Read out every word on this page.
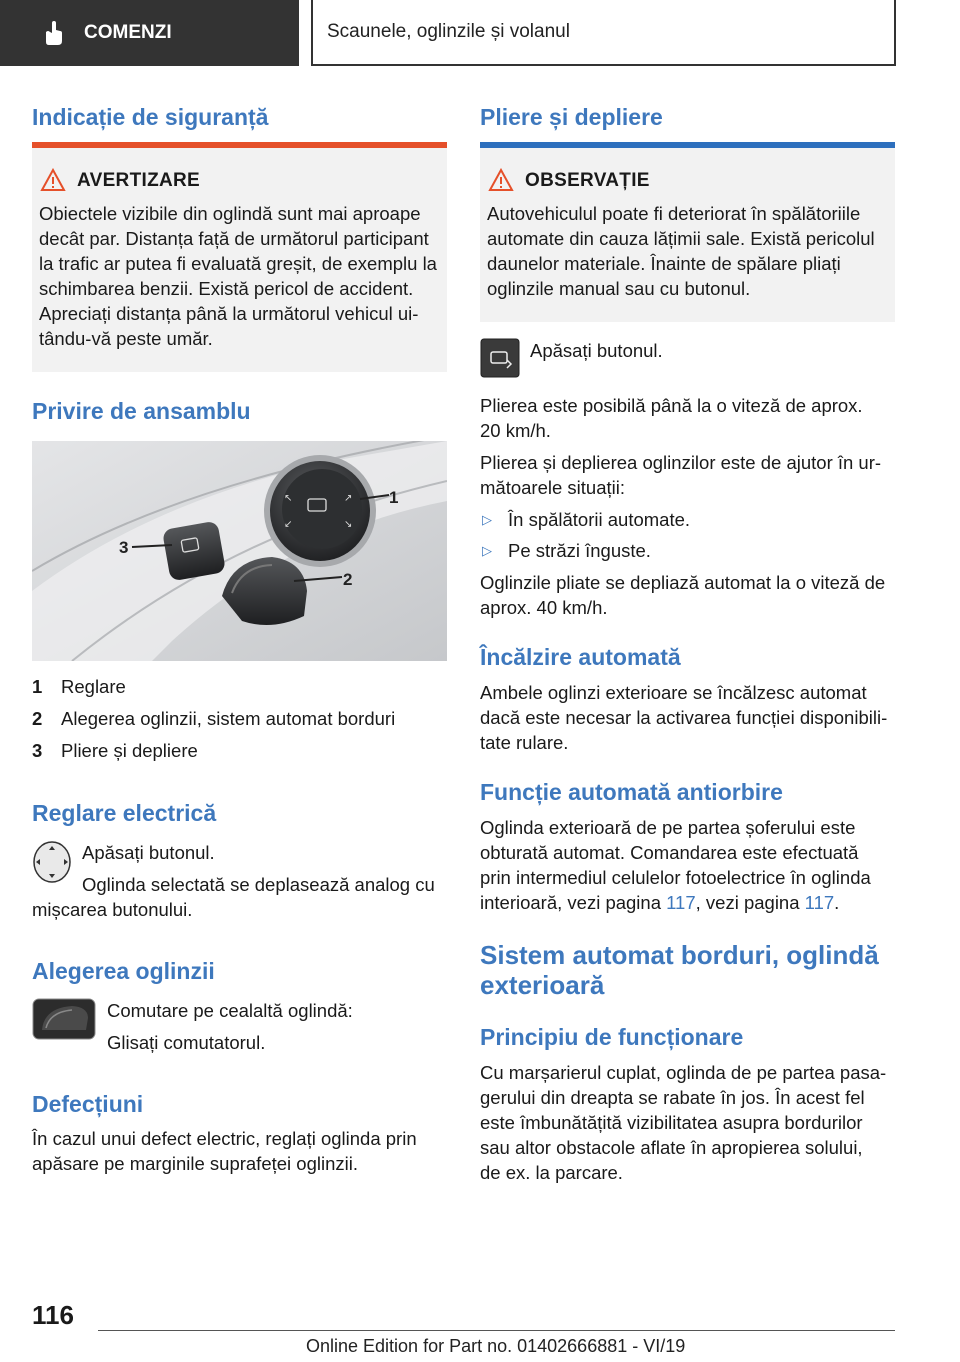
COMENZI	Scaunele, oglinzile și volanul
Indicație de siguranță
AVERTIZARE
Obiectele vizibile din oglindă sunt mai aproape
decât par. Distanța față de următorul participant
la trafic ar putea fi evaluată greșit, de exemplu la
schimbarea benzii. Există pericol de accident.
Apreciați distanța până la următorul vehicul ui-
tându-vă peste umăr.
Privire de ansamblu
↖	↗
↙	↘
1
2
3
1 Reglare
2 Alegerea oglinzii, sistem automat borduri
3 Pliere și depliere
Reglare electrică
Apăsați butonul.
Oglinda selectată se deplasează analog cu
mișcarea butonului.
Alegerea oglinzii
Comutare pe cealaltă oglindă:
Glisați comutatorul.
Defecțiuni
În cazul unui defect electric, reglați oglinda prin
apăsare pe marginile suprafeței oglinzii.
Pliere și depliere
OBSERVAȚIE
Autovehiculul poate fi deteriorat în spălătoriile
automate din cauza lățimii sale. Există pericolul
daunelor materiale. Înainte de spălare pliați
oglinzile manual sau cu butonul.
Apăsați butonul.
Plierea este posibilă până la o viteză de aprox.
20 km/h.
Plierea și deplierea oglinzilor este de ajutor în ur-
mătoarele situații:
▷ În spălătorii automate.
▷ Pe străzi înguste.
Oglinzile pliate se depliază automat la o viteză de
aprox. 40 km/h.
Încălzire automată
Ambele oglinzi exterioare se încălzesc automat
dacă este necesar la activarea funcției disponibili-
tate rulare.
Funcție automată antiorbire
Oglinda exterioară de pe partea șoferului este
obturată automat. Comandarea este efectuată
prin intermediul celulelor fotoelectrice în oglinda
interioară, vezi pagina 117, vezi pagina 117.
Sistem automat borduri, oglindă
exterioară
Principiu de funcționare
Cu marșarierul cuplat, oglinda de pe partea pasa-
gerului din dreapta se rabate în jos. În acest fel
este îmbunătățită vizibilitatea asupra bordurilor
sau altor obstacole aflate în apropierea solului,
de ex. la parcare.
116
Online Edition for Part no. 01402666881 - VI/19
